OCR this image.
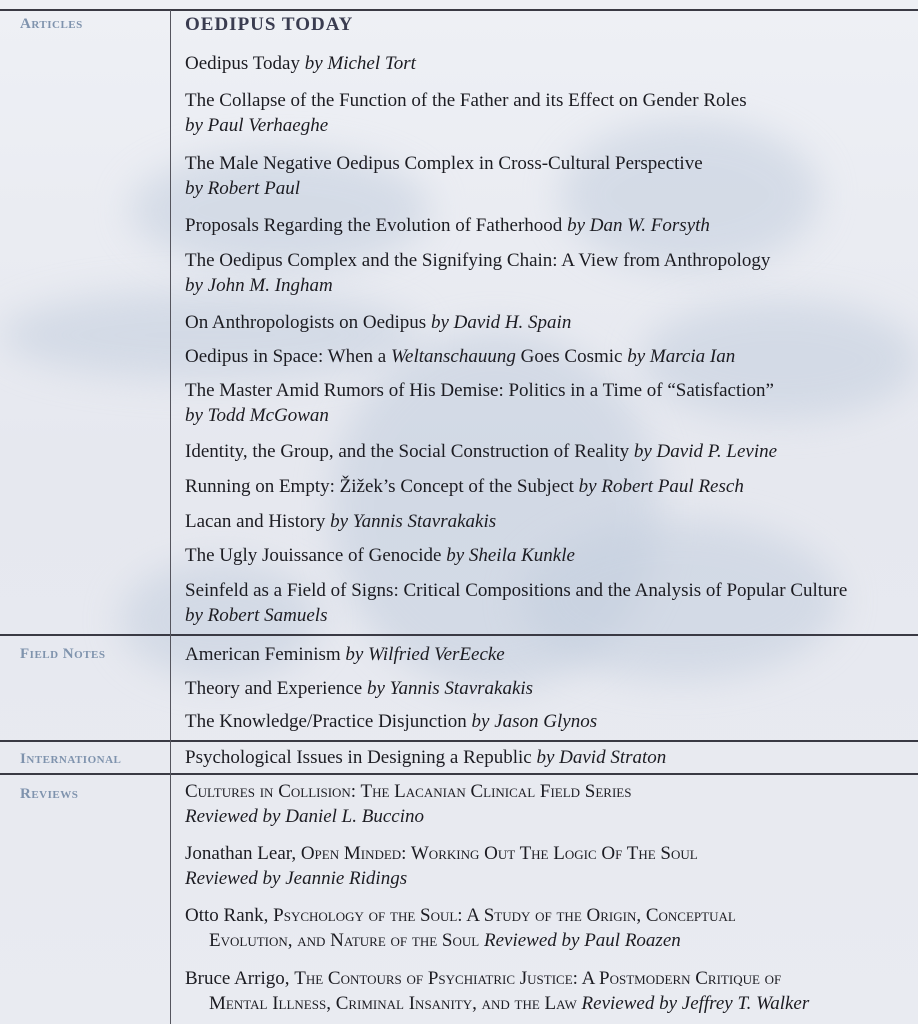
Articles
Field Notes
International
Reviews
OEDIPUS TODAY
Oedipus Today by Michel Tort
The Collapse of the Function of the Father and its Effect on Gender Roles
by Paul Verhaeghe
The Male Negative Oedipus Complex in Cross-Cultural Perspective
by Robert Paul
Proposals Regarding the Evolution of Fatherhood by Dan W. Forsyth
The Oedipus Complex and the Signifying Chain: A View from Anthropology
by John M. Ingham
On Anthropologists on Oedipus by David H. Spain
Oedipus in Space: When a Weltanschauung Goes Cosmic by Marcia Ian
The Master Amid Rumors of His Demise: Politics in a Time of “Satisfaction”
by Todd McGowan
Identity, the Group, and the Social Construction of Reality by David P. Levine
Running on Empty: Žižek’s Concept of the Subject by Robert Paul Resch
Lacan and History by Yannis Stavrakakis
The Ugly Jouissance of Genocide by Sheila Kunkle
Seinfeld as a Field of Signs: Critical Compositions and the Analysis of Popular Culture
by Robert Samuels
American Feminism by Wilfried VerEecke
Theory and Experience by Yannis Stavrakakis
The Knowledge/Practice Disjunction by Jason Glynos
Psychological Issues in Designing a Republic by David Straton
Cultures in Collision: The Lacanian Clinical Field Series
Reviewed by Daniel L. Buccino
Jonathan Lear, Open Minded: Working Out The Logic Of The Soul
Reviewed by Jeannie Ridings
Otto Rank, Psychology of the Soul: A Study of the Origin, Conceptual
Evolution, and Nature of the Soul Reviewed by Paul Roazen
Bruce Arrigo, The Contours of Psychiatric Justice: A Postmodern Critique of
Mental Illness, Criminal Insanity, and the Law Reviewed by Jeffrey T. Walker
